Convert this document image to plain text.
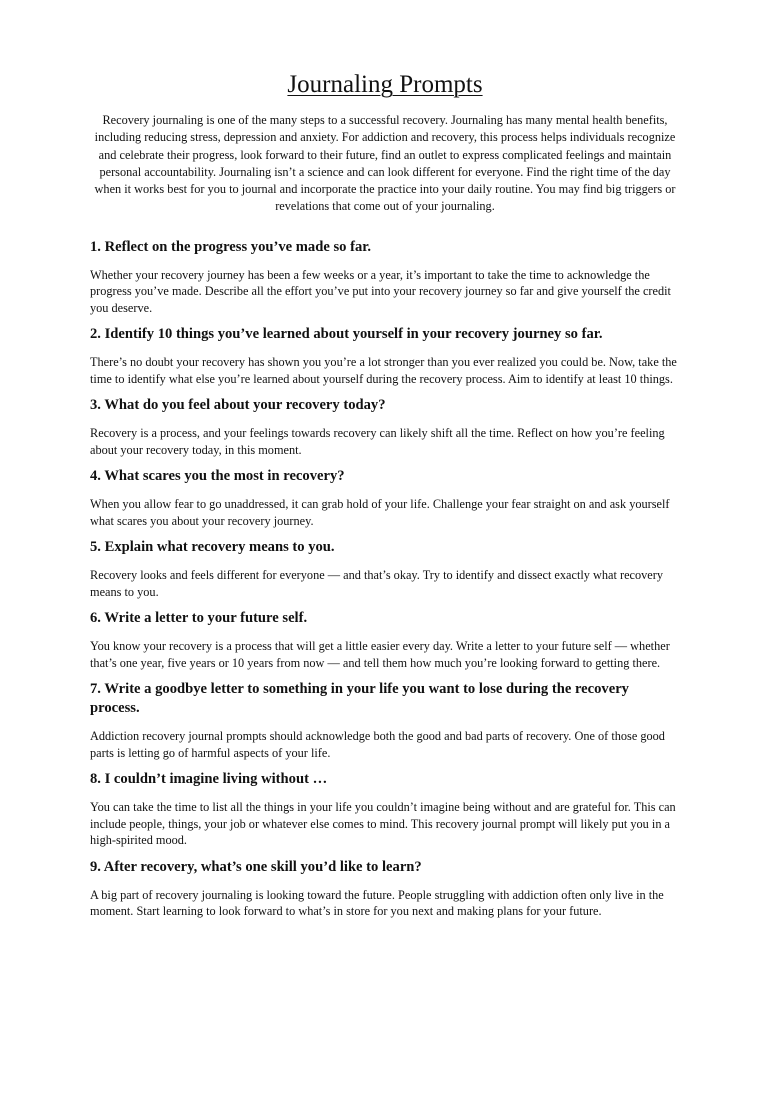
Journaling Prompts

Recovery journaling is one of the many steps to a successful recovery. Journaling has many mental health benefits, including reducing stress, depression and anxiety. For addiction and recovery, this process helps individuals recognize and celebrate their progress, look forward to their future, find an outlet to express complicated feelings and maintain personal accountability. Journaling isn’t a science and can look different for everyone. Find the right time of the day when it works best for you to journal and incorporate the practice into your daily routine. You may find big triggers or revelations that come out of your journaling.

1. Reflect on the progress you’ve made so far.

Whether your recovery journey has been a few weeks or a year, it’s important to take the time to acknowledge the progress you’ve made. Describe all the effort you’ve put into your recovery journey so far and give yourself the credit you deserve.

2. Identify 10 things you’ve learned about yourself in your recovery journey so far.

There’s no doubt your recovery has shown you you’re a lot stronger than you ever realized you could be. Now, take the time to identify what else you’re learned about yourself during the recovery process. Aim to identify at least 10 things.

3. What do you feel about your recovery today?

Recovery is a process, and your feelings towards recovery can likely shift all the time. Reflect on how you’re feeling about your recovery today, in this moment.

4. What scares you the most in recovery?

When you allow fear to go unaddressed, it can grab hold of your life. Challenge your fear straight on and ask yourself what scares you about your recovery journey.

5. Explain what recovery means to you.

Recovery looks and feels different for everyone — and that’s okay. Try to identify and dissect exactly what recovery means to you.

6. Write a letter to your future self.

You know your recovery is a process that will get a little easier every day. Write a letter to your future self — whether that’s one year, five years or 10 years from now — and tell them how much you’re looking forward to getting there.

7. Write a goodbye letter to something in your life you want to lose during the recovery process.

Addiction recovery journal prompts should acknowledge both the good and bad parts of recovery. One of those good parts is letting go of harmful aspects of your life.

8. I couldn’t imagine living without …

You can take the time to list all the things in your life you couldn’t imagine being without and are grateful for. This can include people, things, your job or whatever else comes to mind. This recovery journal prompt will likely put you in a high-spirited mood.

9. After recovery, what’s one skill you’d like to learn?

A big part of recovery journaling is looking toward the future. People struggling with addiction often only live in the moment. Start learning to look forward to what’s in store for you next and making plans for your future.
